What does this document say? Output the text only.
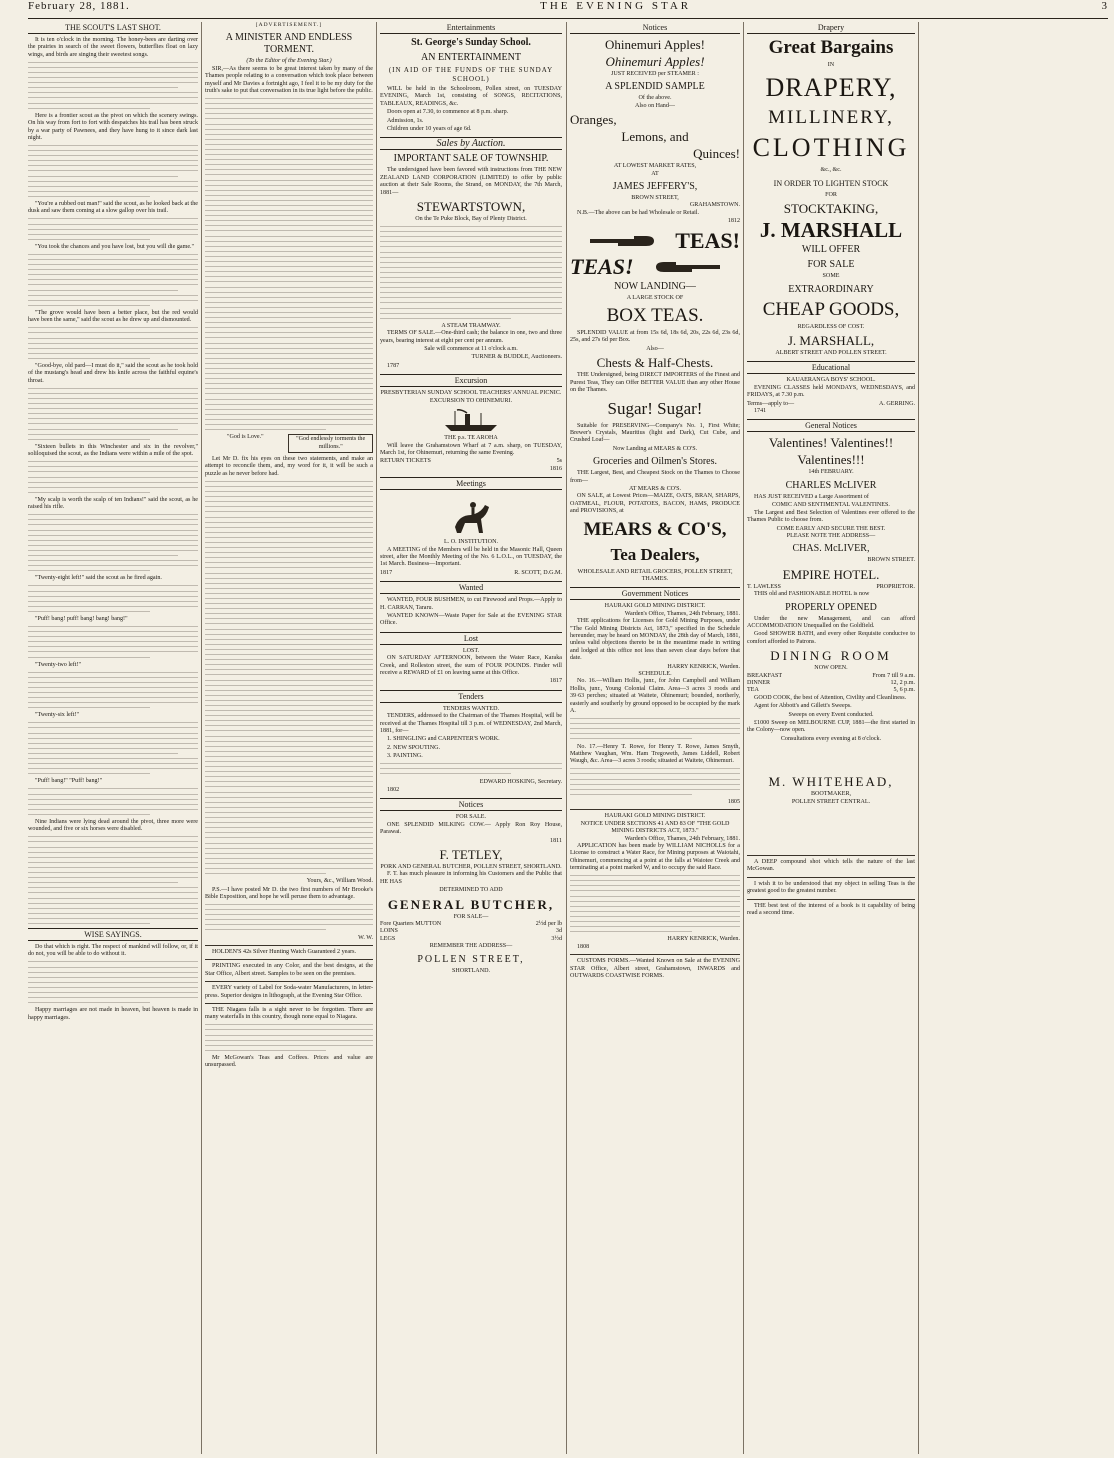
February 28, 1881.	THE EVENING STAR	3
THE SCOUT'S LAST SHOT.

It is ten o'clock in the morning. The honey-bees are darting over the prairies in search of the sweet flowers, butterflies float on lazy wings, and birds are singing their sweetest songs.

Here is a frontier scout as the pivot on which the scenery swings. On his way from fort to fort with despatches his trail has been struck by a war party of Pawnees, and they have hung to it since dark last night.

"You're a rubbed out man!" said the scout, as he looked back at the dusk and saw them coming at a slow gallop over his trail.

"You took the chances and you have lost, but you will die game."

"The grove would have been a better place, but the red would have been the same," said the scout as he drew up and dismounted.

"Good-bye, old pard—I must do it," said the scout as he took hold of the mustang's head and drew his knife across the faithful equine's throat.

"Sixteen bullets in this Winchester and six in the revolver," soliloquised the scout, as the Indians were within a mile of the spot.

"My scalp is worth the scalp of ten Indians!" said the scout, as he raised his rifle.

"Twenty-eight left!" said the scout as he fired again.

"Puff! bang! puff! bang! bang! bang!"

"Twenty-two left!"

"Twenty-six left!"

"Puff! bang!" "Puff! bang!"

Nine Indians were lying dead around the pivot, three more were wounded, and five or six horses were disabled.

WISE SAYINGS.

Do that which is right. The respect of mankind will follow, or, if it do not, you will be able to do without it.

Happy marriages are not made in heaven, but heaven is made in happy marriages.

[ADVERTISEMENT.]
A MINISTER AND ENDLESS TORMENT.
(To the Editor of the Evening Star.)

SIR,—As there seems to be great interest taken by many of the Thames people relating to a conversation which took place between myself and Mr Davies a fortnight ago, I feel it to be my duty for the truth's sake to put that conversation in its true light before the public.

"God is Love."	"God endlessly torments the millions."

Let Mr D. fix his eyes on these two statements, and make an attempt to reconcile them, and, my word for it, it will be such a puzzle as he never before had.

Yours, &c., William Wood.

P.S.—I have posted Mr D. the two first numbers of Mr Brooke's Bible Exposition, and hope he will peruse them to advantage.

W. W.

HOLDEN'S 42s Silver Hunting Watch Guaranteed 2 years.

PRINTING executed in any Color, and the best designs, at the Star Office, Albert street. Samples to be seen on the premises.

EVERY variety of Label for Soda-water Manufacturers, in letter-press. Superior designs in lithograph, at the Evening Star Office.

THE Niagara falls is a sight never to be forgotten. There are many waterfalls in this country, though none equal to Niagara.

Mr McGowan's Teas and Coffees. Prices and value are unsurpassed.

Entertainments
St. George's Sunday School.
AN ENTERTAINMENT
(IN AID OF THE FUNDS OF THE SUNDAY SCHOOL)

WILL be held in the Schoolroom, Pollen street, on TUESDAY EVENING, March 1st, consisting of SONGS, RECITATIONS, TABLEAUX, READINGS, &c.

Doors open at 7.30, to commence at 8 p.m. sharp.

Admission, 1s.

Children under 10 years of age 6d.

Sales by Auction.
IMPORTANT SALE OF TOWNSHIP.

The undersigned have been favored with instructions from THE NEW ZEALAND LAND CORPORATION (LIMITED) to offer by public auction at their Sale Rooms, the Strand, on MONDAY, the 7th March, 1881—

STEWARTSTOWN,
On the Te Puke Block, Bay of Plenty District.
A STEAM TRAMWAY.

TERMS OF SALE.—One-third cash; the balance in one, two and three years, bearing interest at eight per cent per annum.

Sale will commence at 11 o'clock a.m.

TURNER & BUDDLE, Auctioneers.

1787

Excursion
PRESBYTERIAN SUNDAY SCHOOL TEACHERS' ANNUAL PICNIC.
EXCURSION TO OHINEMURI.
THE p.s. TE AROHA

Will leave the Grahamstown Wharf at 7 a.m. sharp, on TUESDAY, March 1st, for Ohinemuri, returning the same Evening.

RETURN TICKETS	5s

1816

Meetings
L. O. INSTITUTION.

A MEETING of the Members will be held in the Masonic Hall, Queen street, after the Monthly Meeting of the No. 6 L.O.L., on TUESDAY, the 1st March. Business—Important.

1817	R. SCOTT, D.G.M.
Wanted

WANTED, FOUR BUSHMEN, to cut Firewood and Props.—Apply to H. CARRAN, Tararu.

WANTED KNOWN—Waste Paper for Sale at the EVENING STAR Office.

Lost
LOST.

ON SATURDAY AFTERNOON, between the Water Race, Karaka Creek, and Rolleston street, the sum of FOUR POUNDS. Finder will receive a REWARD of £1 on leaving same at this Office.

1817

Tenders
TENDERS WANTED.

TENDERS, addressed to the Chairman of the Thames Hospital, will be received at the Thames Hospital till 3 p.m. of WEDNESDAY, 2nd March, 1881, for—

1. SHINGLING and CARPENTER'S WORK.

2. NEW SPOUTING.

3. PAINTING.

EDWARD HOSKING, Secretary.

1802

Notices
FOR SALE.

ONE SPLENDID MILKING COW.— Apply Ron Roy House, Parawai.

1811

F. TETLEY,
PORK AND GENERAL BUTCHER, POLLEN STREET, SHORTLAND.

F. T. has much pleasure in informing his Customers and the Public that HE HAS

DETERMINED TO ADD
GENERAL BUTCHER,
FOR SALE—
Fore Quarters MUTTON	2½d per lb
LOINS	3d
LEGS	3½d
REMEMBER THE ADDRESS—
POLLEN STREET,
SHORTLAND.
Notices
Ohinemuri Apples!
Ohinemuri Apples!
JUST RECEIVED per STEAMER :
A SPLENDID SAMPLE
Of the above.
Also on Hand—
Oranges,
Lemons, and
Quinces!
AT LOWEST MARKET RATES,
AT
JAMES JEFFERY'S,
BROWN STREET,
GRAHAMSTOWN.

N.B.—The above can be had Wholesale or Retail.

1812

TEAS!
TEAS!
NOW LANDING—
A LARGE STOCK OF
BOX TEAS.

SPLENDID VALUE at from 15s 6d, 18s 6d, 20s, 22s 6d, 23s 6d, 25s, and 27s 6d per Box.

Also—
Chests & Half-Chests.

THE Undersigned, being DIRECT IMPORTERS of the Finest and Purest Teas, They can Offer BETTER VALUE than any other House on the Thames.

Sugar! Sugar!

Suitable for PRESERVING—Company's No. 1, First White; Brewer's Crystals, Mauritius (light and Dark), Cut Cube, and Crushed Loaf—

Now Landing at MEARS & CO'S.
Groceries and Oilmen's Stores.

THE Largest, Best, and Cheapest Stock on the Thames to Choose from—

AT MEARS & CO'S.

ON SALE, at Lowest Prices—MAIZE, OATS, BRAN, SHARPS, OATMEAL, FLOUR, POTATOES, BACON, HAMS, PRODUCE and PROVISIONS, at

MEARS & CO'S,
Tea Dealers,
WHOLESALE AND RETAIL GROCERS, POLLEN STREET, THAMES.
Government Notices
HAURAKI GOLD MINING DISTRICT.
Warden's Office, Thames, 24th February, 1881.

THE applications for Licenses for Gold Mining Purposes, under "The Gold Mining Districts Act, 1873," specified in the Schedule hereunder, may be heard on MONDAY, the 28th day of March, 1881, unless valid objections thereto be in the meantime made in writing and lodged at this office not less than seven clear days before that date.

HARRY KENRICK, Warden.
SCHEDULE.

No. 16.—William Hollis, junr., for John Campbell and William Hollis, junr., Young Colonial Claim. Area—3 acres 3 roods and 39·63 perches; situated at Waitete, Ohinemuri; bounded, northerly, easterly and southerly by ground opposed to be occupied by the mark A.

No. 17.—Henry T. Rowe, for Henry T. Rowe, James Smyth, Matthew Vaughan, Wm. Ham Tregoweth, James Liddell, Robert Waugh, &c. Area—3 acres 3 roods; situated at Waitete, Ohinemuri.

1805

HAURAKI GOLD MINING DISTRICT.
NOTICE UNDER SECTIONS 41 AND 83 OF "THE GOLD MINING DISTRICTS ACT, 1873."
Warden's Office, Thames, 24th February, 1881.

APPLICATION has been made by WILLIAM NICHOLLS for a License to construct a Water Race, for Mining purposes at Waiotahi, Ohinemuri, commencing at a point at the falls at Waiotee Creek and terminating at a point marked W, and to occupy the said Race.

HARRY KENRICK, Warden.

1808

CUSTOMS FORMS.—Wanted Known on Sale at the EVENING STAR Office, Albert street, Grahamstown, INWARDS and OUTWARDS COASTWISE FORMS.

Drapery
Great Bargains
IN
DRAPERY,
MILLINERY,
CLOTHING
&c., &c.
IN ORDER TO LIGHTEN STOCK
FOR
STOCKTAKING,
J. MARSHALL
WILL OFFER
FOR SALE
SOME
EXTRAORDINARY
CHEAP GOODS,
REGARDLESS OF COST.
J. MARSHALL,
ALBERT STREET AND POLLEN STREET.
Educational
KAUAERANGA BOYS' SCHOOL.

EVENING CLASSES held MONDAYS, WEDNESDAYS, and FRIDAYS, at 7.30 p.m.

Terms—apply to—	A. GERRING.

1741

General Notices
Valentines! Valentines!!
Valentines!!!
14th FEBRUARY.
CHARLES McLIVER

HAS JUST RECEIVED a Large Assortment of

COMIC AND SENTIMENTAL VALENTINES.

The Largest and Best Selection of Valentines ever offered to the Thames Public to choose from.

COME EARLY AND SECURE THE BEST.
PLEASE NOTE THE ADDRESS—
CHAS. McLIVER,
BROWN STREET.
EMPIRE HOTEL.
T. LAWLESS	PROPRIETOR.

THIS old and FASHIONABLE HOTEL is now

PROPERLY OPENED

Under the new Management, and can afford ACCOMMODATION Unequalled on the Goldfield.

Good SHOWER BATH, and every other Requisite conducive to comfort afforded to Patrons.

DINING ROOM
NOW OPEN.
BREAKFAST	From 7 till 9 a.m.
DINNER	12, 2 p.m.
TEA	5, 6 p.m.

GOOD COOK, the best of Attention, Civility and Cleanliness.

Agent for Abbott's and Gillett's Sweeps.

Sweeps on every Event conducted.

£1000 Sweep on MELBOURNE CUP, 1881—the first started in the Colony—now open.

Consultations every evening at 8 o'clock.

M. WHITEHEAD,
BOOTMAKER,
POLLEN STREET CENTRAL.

A DEEP compound shot which tells the nature of the last McGowan.

I wish it to be understood that my object in selling Teas is the greatest good to the greatest number.

THE best test of the interest of a book is it capability of being read a second time.
